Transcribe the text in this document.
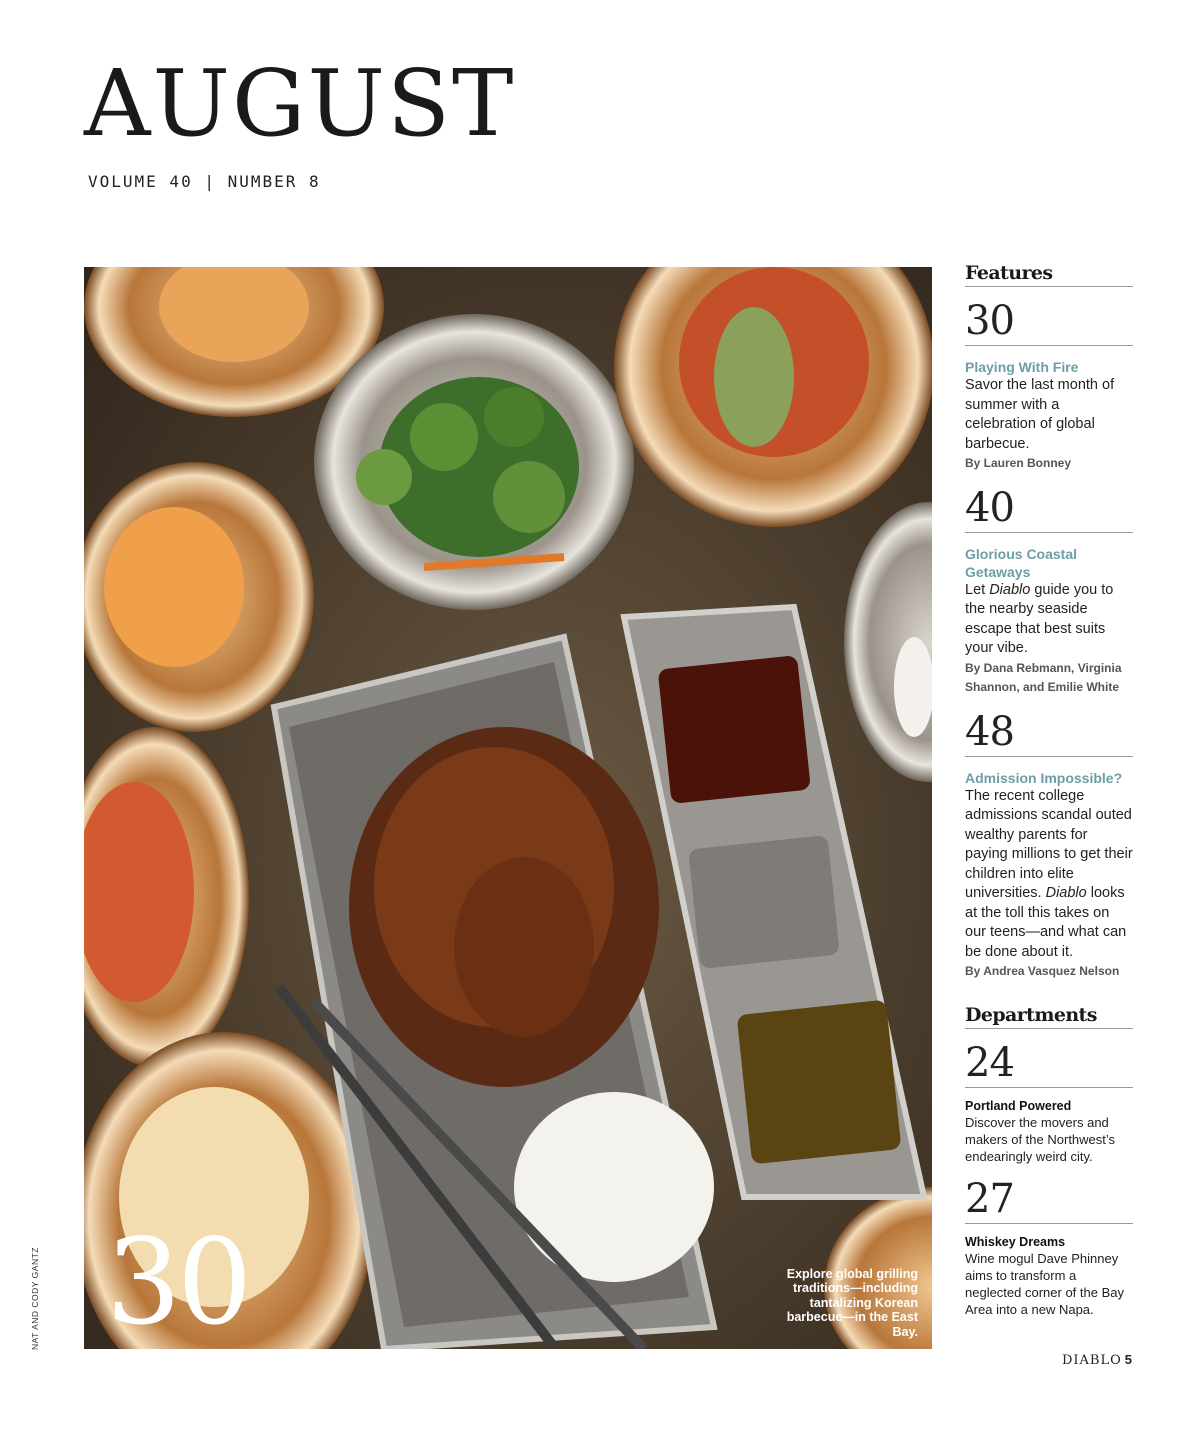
AUGUST
VOLUME 40 | NUMBER 8
30	Explore global grilling traditions—including tantalizing Korean barbecue—in the East Bay.
NAT AND CODY GANTZ
Features
30
Playing With Fire
Savor the last month of summer with a celebration of global barbecue.
By Lauren Bonney
40
Glorious Coastal Getaways
Let Diablo guide you to the nearby seaside escape that best suits your vibe.
By Dana Rebmann, Virginia Shannon, and Emilie White
48
Admission Impossible?
The recent college admissions scandal outed wealthy parents for paying millions to get their children into elite universities. Diablo looks at the toll this takes on our teens—and what can be done about it.
By Andrea Vasquez Nelson
Departments
24
Portland Powered
Discover the movers and makers of the Northwest’s endearingly weird city.
27
Whiskey Dreams
Wine mogul Dave Phinney aims to transform a neglected corner of the Bay Area into a new Napa.
DIABLO 5
